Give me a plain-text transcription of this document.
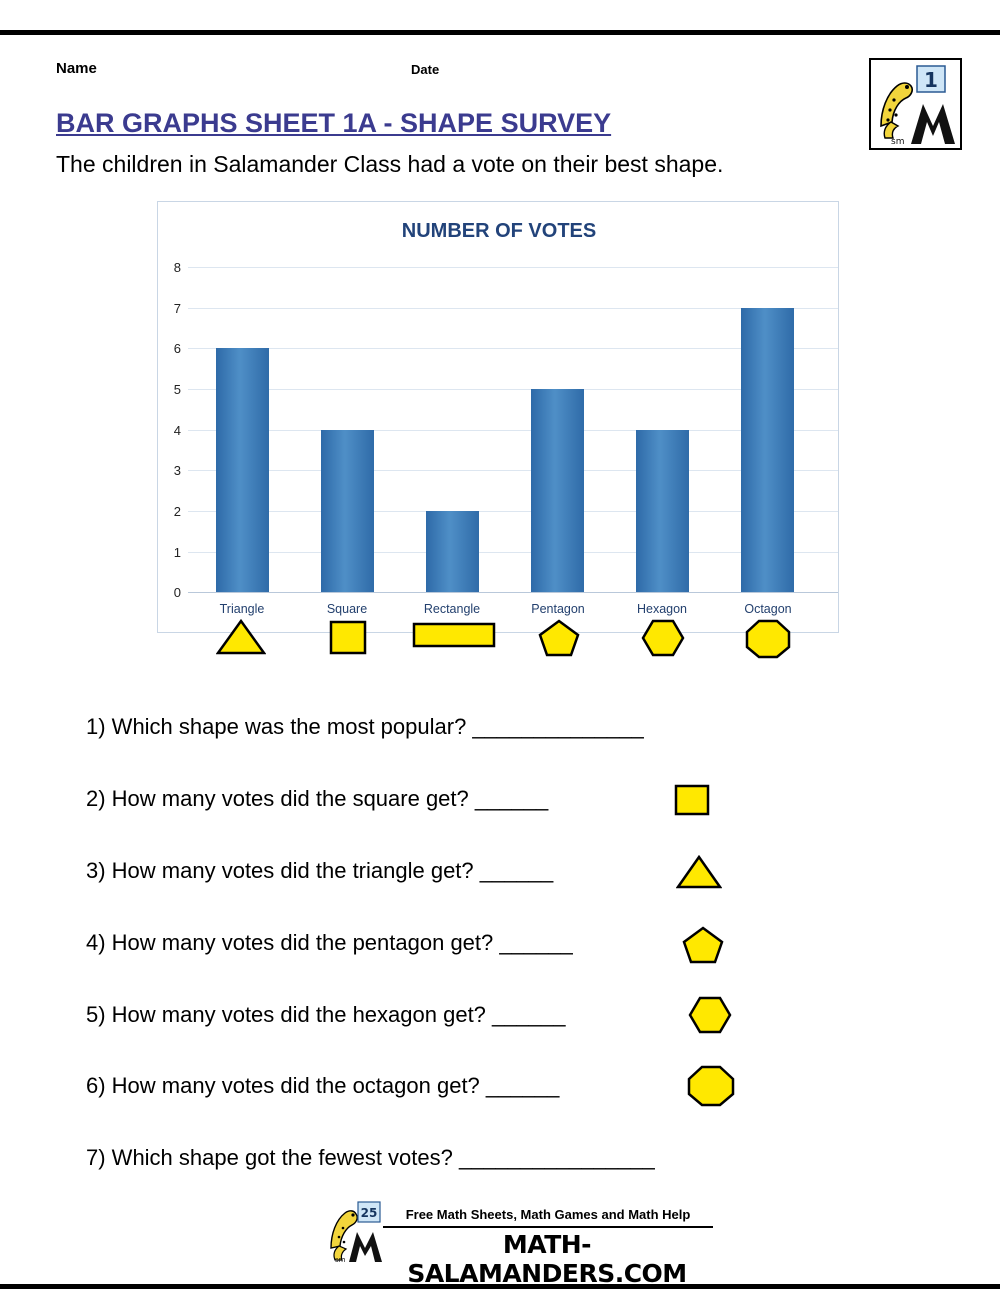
Name	Date	1
sm
BAR GRAPHS SHEET 1A - SHAPE SURVEY
The children in Salamander Class had a vote on their best shape.
NUMBER OF VOTES
8
7
6
5
4
3
2
1
0
Triangle	Square	Rectangle	Pentagon	Hexagon	Octagon
1) Which shape was the most popular? ______________
2) How many votes did the square get? ______
3) How many votes did the triangle get? ______
4) How many votes did the pentagon get? ______
5) How many votes did the hexagon get? ______
6) How many votes did the octagon get? ______
7) Which shape got the fewest votes? ________________
Free Math Sheets, Math Games and Math Help
MATH-SALAMANDERS.COM
25
sm
